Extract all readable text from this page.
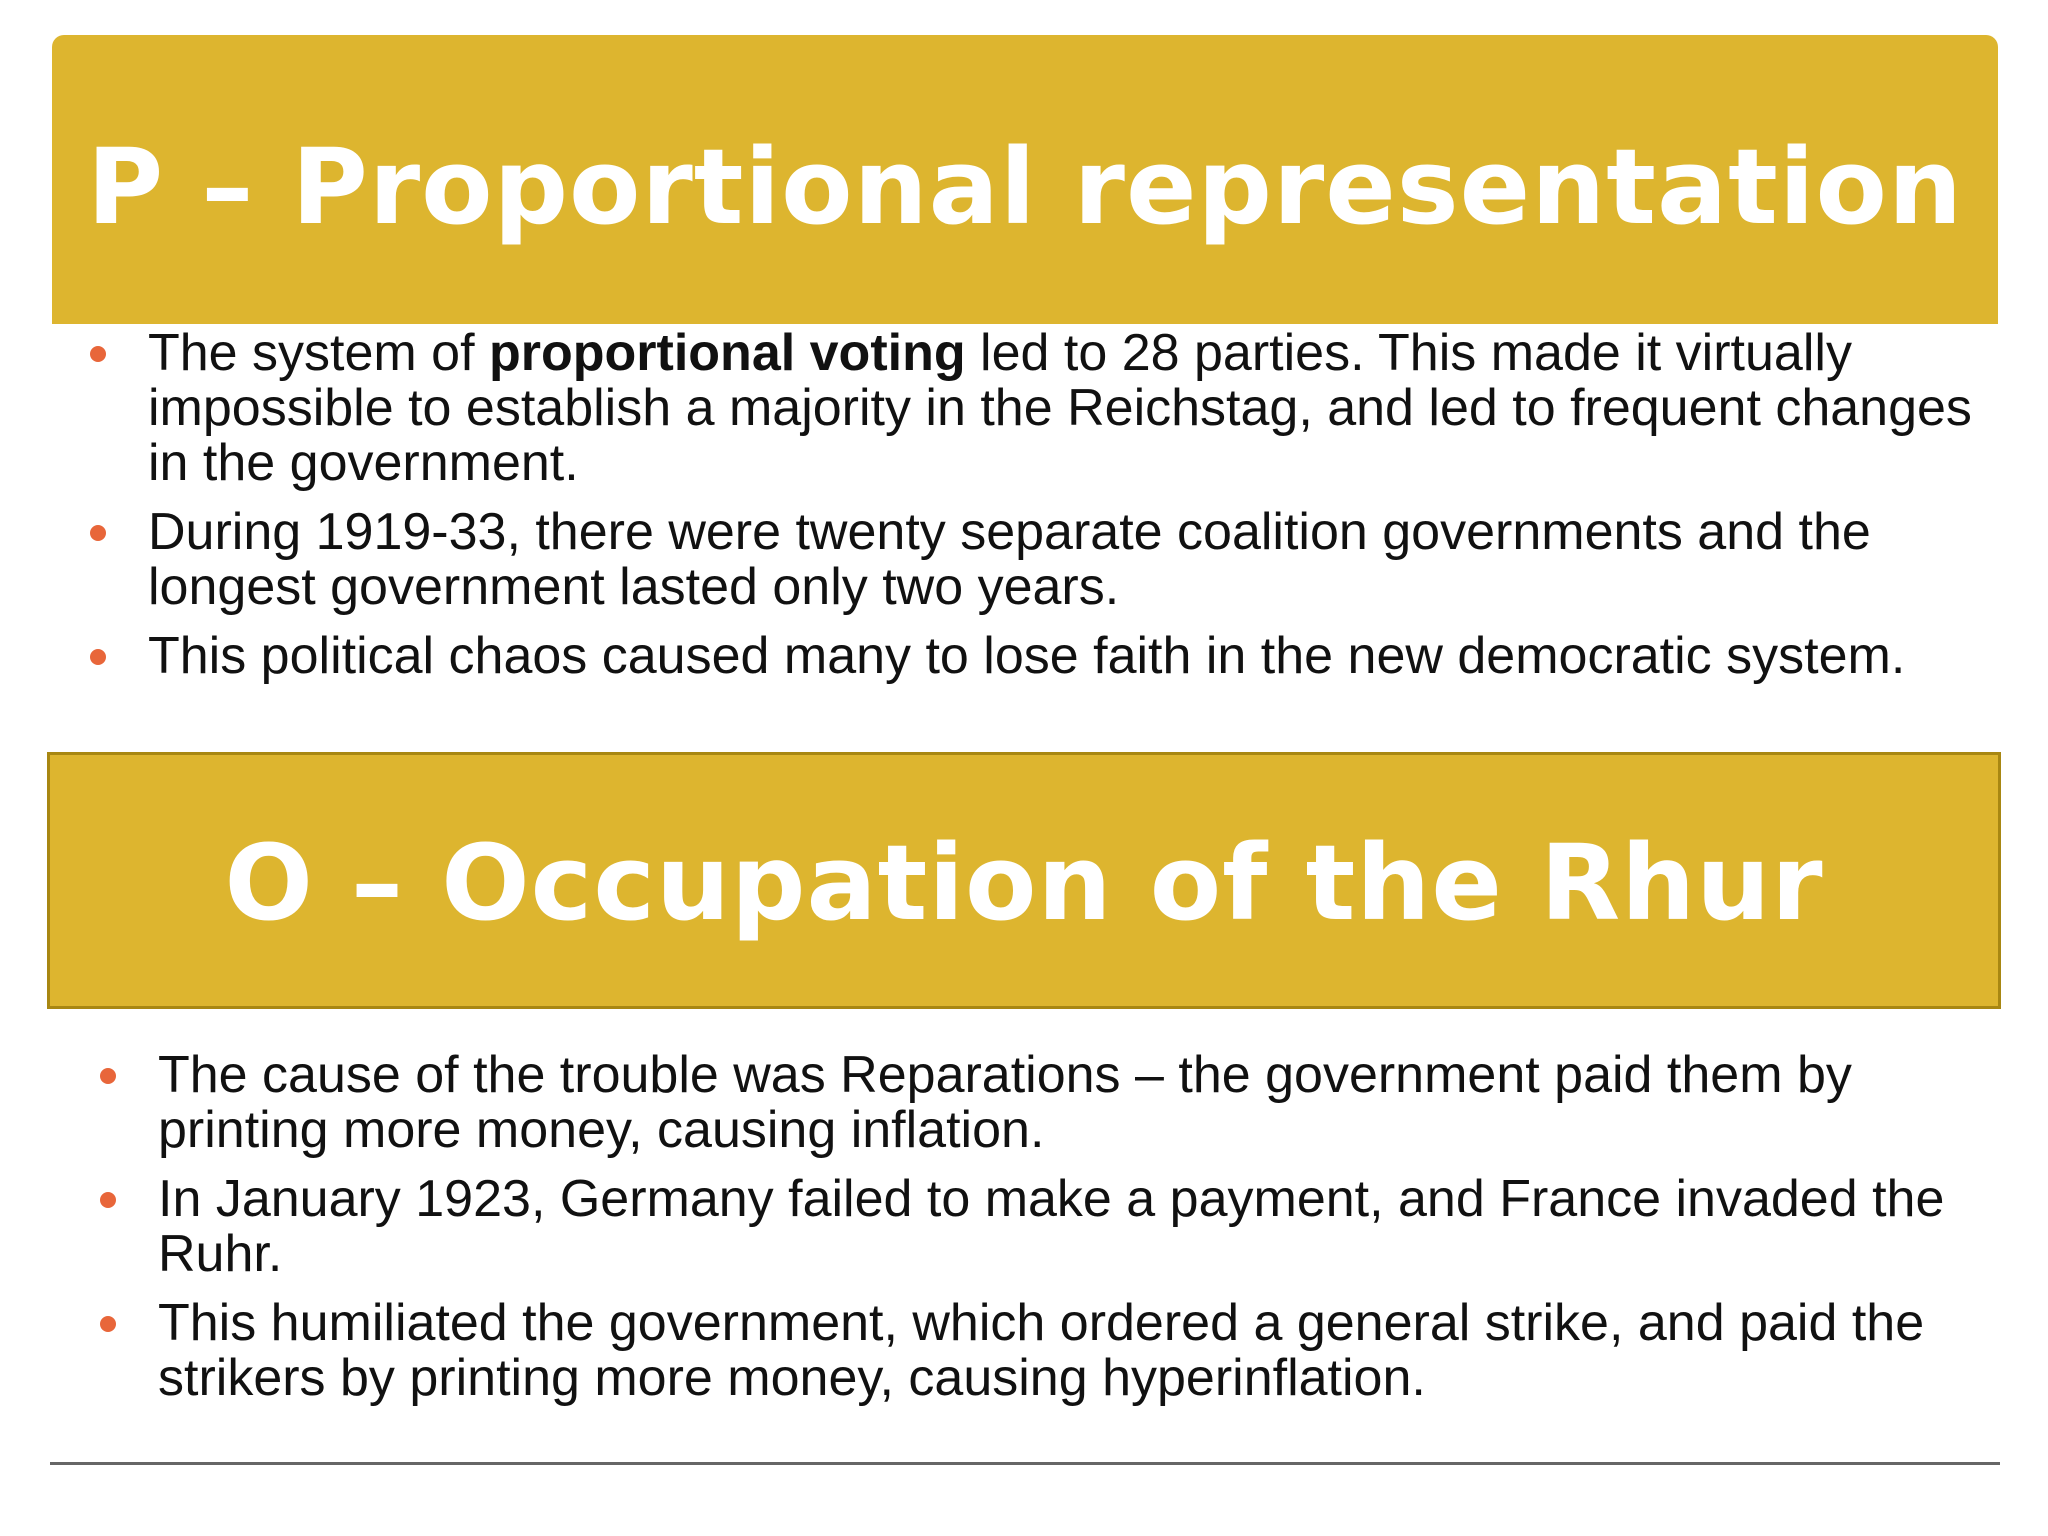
P – Proportional representation
The system of proportional voting led to 28 parties. This made it virtually impossible to establish a majority in the Reichstag, and led to frequent changes in the government.
During 1919-33, there were twenty separate coalition governments and the longest government lasted only two years.
This political chaos caused many to lose faith in the new democratic system.
O – Occupation of the Rhur
The cause of the trouble was Reparations – the government paid them by printing more money, causing inflation.
In January 1923, Germany failed to make a payment, and France invaded the Ruhr.
This humiliated the government, which ordered a general strike, and paid the strikers by printing more money, causing hyperinflation.
